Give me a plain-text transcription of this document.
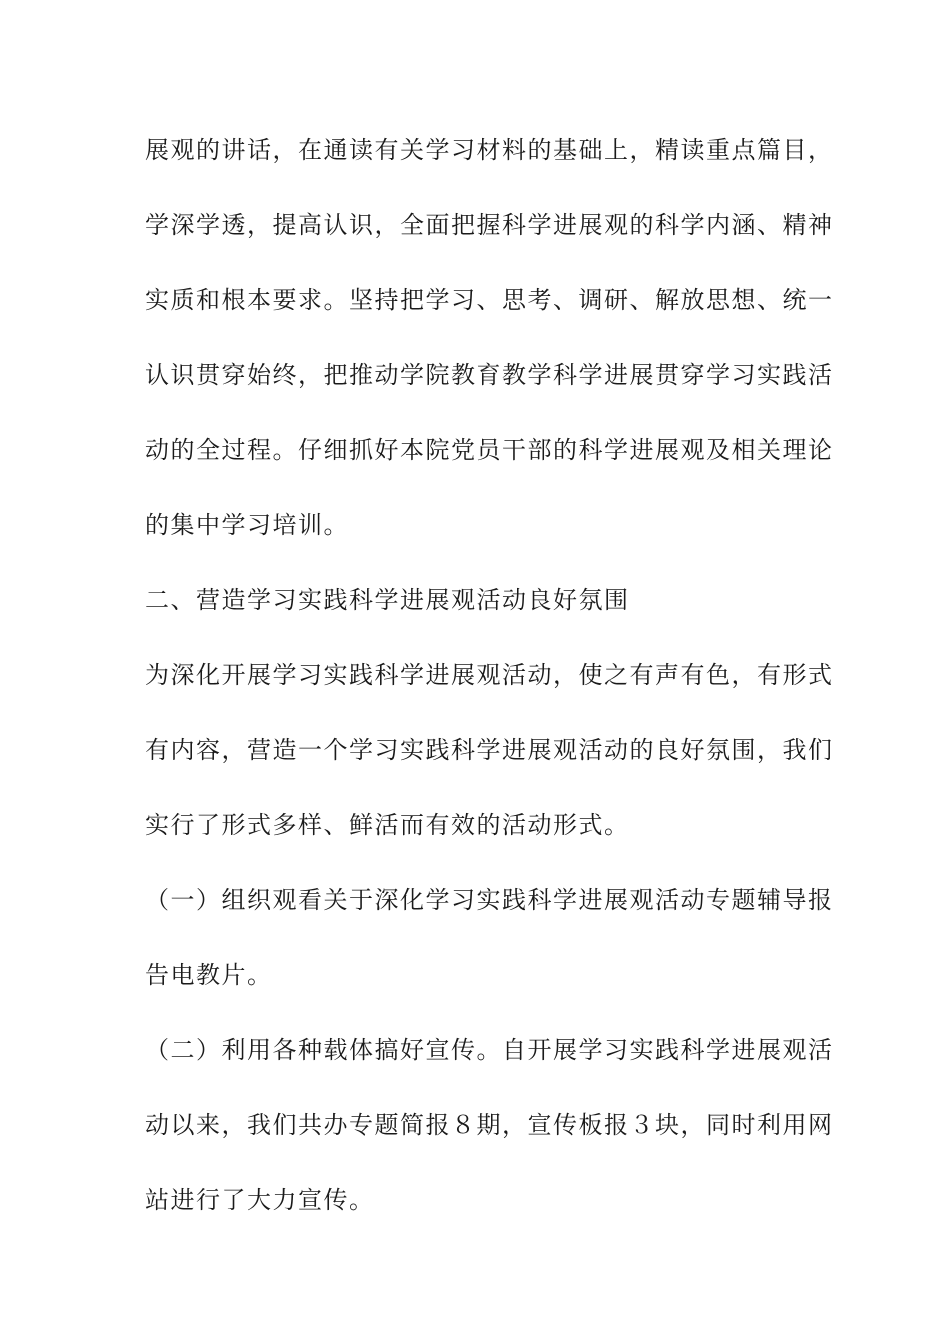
展观的讲话，在通读有关学习材料的基础上，精读重点篇目，
学深学透，提高认识，全面把握科学进展观的科学内涵、精神
实质和根本要求。坚持把学习、思考、调研、解放思想、统一
认识贯穿始终，把推动学院教育教学科学进展贯穿学习实践活
动的全过程。仔细抓好本院党员干部的科学进展观及相关理论
的集中学习培训。
二、营造学习实践科学进展观活动良好氛围
为深化开展学习实践科学进展观活动，使之有声有色，有形式
有内容，营造一个学习实践科学进展观活动的良好氛围，我们
实行了形式多样、鲜活而有效的活动形式。
（一）组织观看关于深化学习实践科学进展观活动专题辅导报
告电教片。
（二）利用各种载体搞好宣传。自开展学习实践科学进展观活
动以来，我们共办专题简报８期，宣传板报３块，同时利用网
站进行了大力宣传。
